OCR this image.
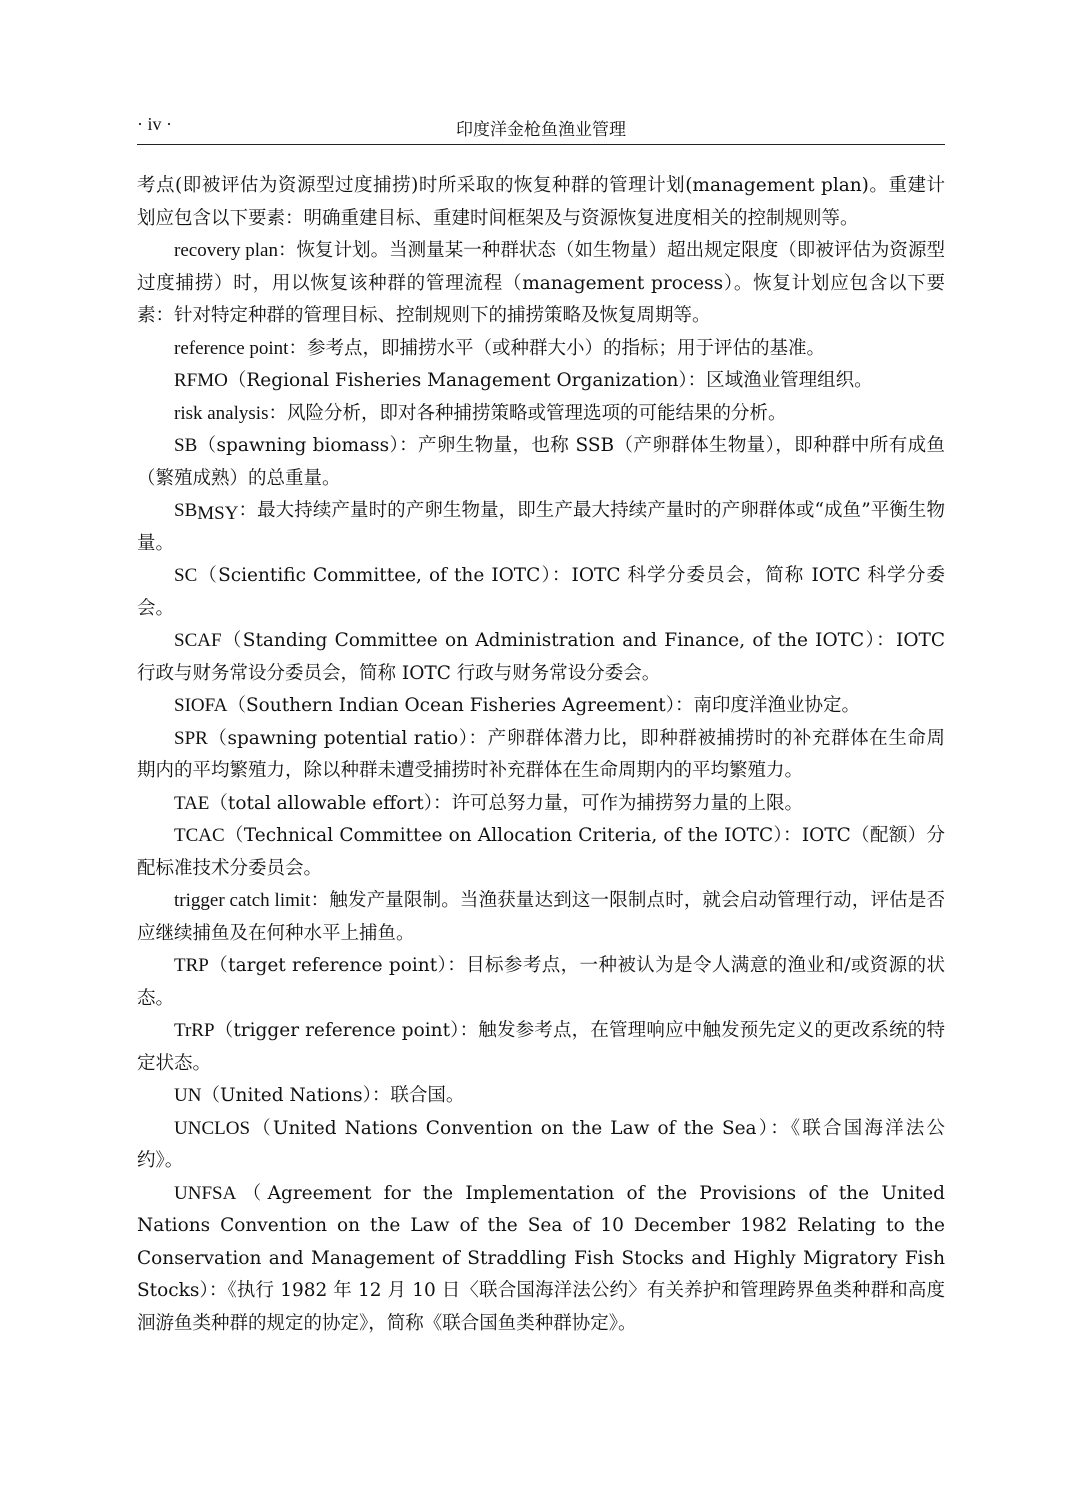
· iv ·	印度洋金枪鱼渔业管理

考点(即被评估为资源型过度捕捞)时所采取的恢复种群的管理计划(management plan)。重建计划应包含以下要素：明确重建目标、重建时间框架及与资源恢复进度相关的控制规则等。

recovery plan：恢复计划。当测量某一种群状态（如生物量）超出规定限度（即被评估为资源型过度捕捞）时，用以恢复该种群的管理流程（management process）。恢复计划应包含以下要素：针对特定种群的管理目标、控制规则下的捕捞策略及恢复周期等。

reference point：参考点，即捕捞水平（或种群大小）的指标；用于评估的基准。

RFMO（Regional Fisheries Management Organization）：区域渔业管理组织。

risk analysis：风险分析，即对各种捕捞策略或管理选项的可能结果的分析。

SB（spawning biomass）：产卵生物量，也称 SSB（产卵群体生物量），即种群中所有成鱼（繁殖成熟）的总重量。

$SB_{MSY}$：最大持续产量时的产卵生物量，即生产最大持续产量时的产卵群体或“成鱼”平衡生物量。

SC（Scientific Committee, of the IOTC）：IOTC 科学分委员会，简称 IOTC 科学分委会。

SCAF（Standing Committee on Administration and Finance, of the IOTC）：IOTC 行政与财务常设分委员会，简称 IOTC 行政与财务常设分委会。

SIOFA（Southern Indian Ocean Fisheries Agreement）：南印度洋渔业协定。

SPR（spawning potential ratio）：产卵群体潜力比，即种群被捕捞时的补充群体在生命周期内的平均繁殖力，除以种群未遭受捕捞时补充群体在生命周期内的平均繁殖力。

TAE（total allowable effort）：许可总努力量，可作为捕捞努力量的上限。

TCAC（Technical Committee on Allocation Criteria, of the IOTC）：IOTC（配额）分配标准技术分委员会。

trigger catch limit：触发产量限制。当渔获量达到这一限制点时，就会启动管理行动，评估是否应继续捕鱼及在何种水平上捕鱼。

TRP（target reference point）：目标参考点，一种被认为是令人满意的渔业和/或资源的状态。

TrRP（trigger reference point）：触发参考点，在管理响应中触发预先定义的更改系统的特定状态。

UN（United Nations）：联合国。

UNCLOS（United Nations Convention on the Law of the Sea）：《联合国海洋法公约》。

UNFSA（Agreement for the Implementation of the Provisions of the United Nations Convention on the Law of the Sea of 10 December 1982 Relating to the Conservation and Management of Straddling Fish Stocks and Highly Migratory Fish Stocks）：《执行 1982 年 12 月 10 日〈联合国海洋法公约〉有关养护和管理跨界鱼类种群和高度洄游鱼类种群的规定的协定》，简称《联合国鱼类种群协定》。
